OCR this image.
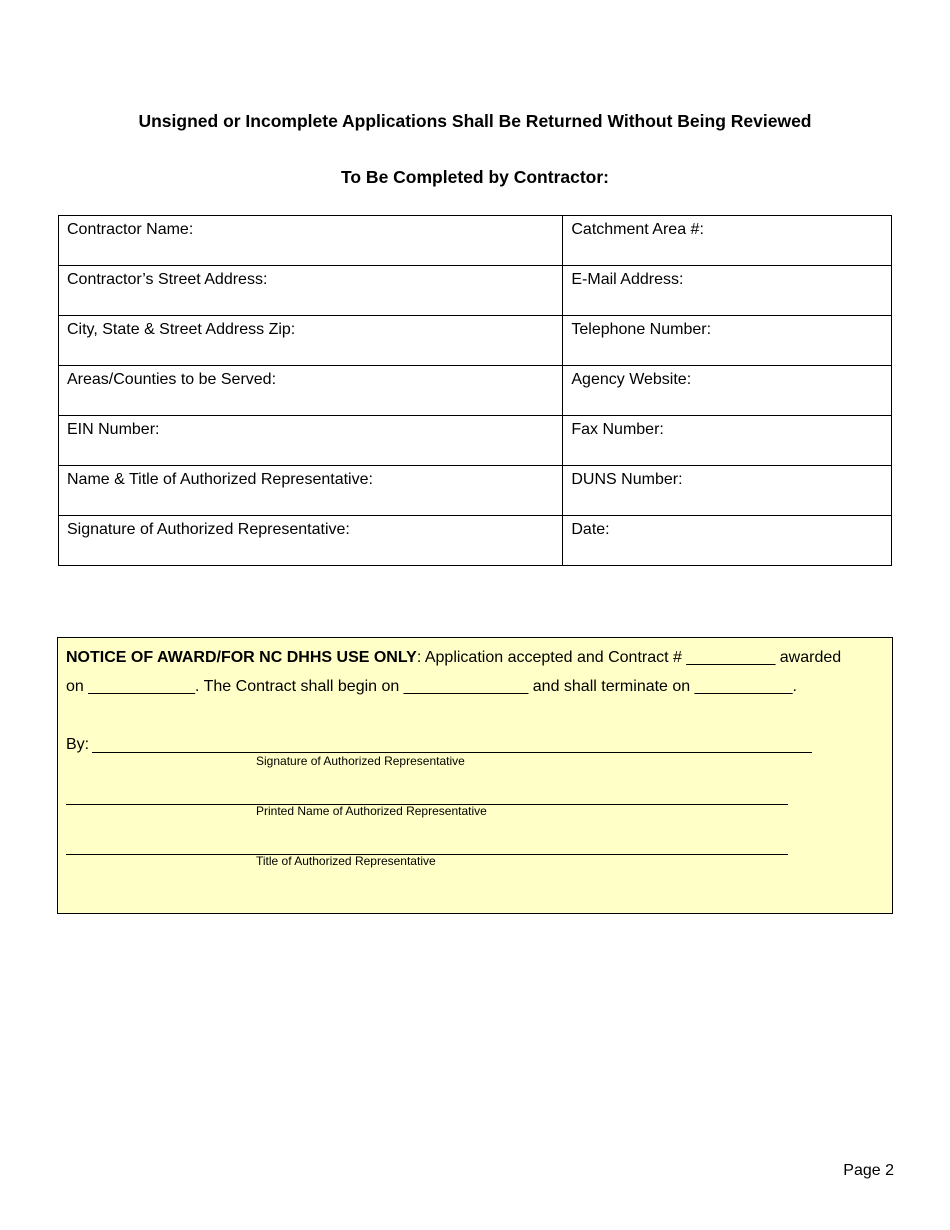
Unsigned or Incomplete Applications Shall Be Returned Without Being Reviewed
To Be Completed by Contractor:
Contractor Name:	Catchment Area #:
Contractor’s Street Address:	E-Mail Address:
City, State & Street Address Zip:	Telephone Number:
Areas/Counties to be Served:	Agency Website:
EIN Number:	Fax Number:
Name & Title of Authorized Representative:	DUNS Number:
Signature of Authorized Representative:	Date:
NOTICE OF AWARD/FOR NC DHHS USE ONLY: Application accepted and Contract # __________ awarded
on ____________. The Contract shall begin on ______________ and shall terminate on ___________.
By:
Signature of Authorized Representative
Printed Name of Authorized Representative
Title of Authorized Representative
Page 2
